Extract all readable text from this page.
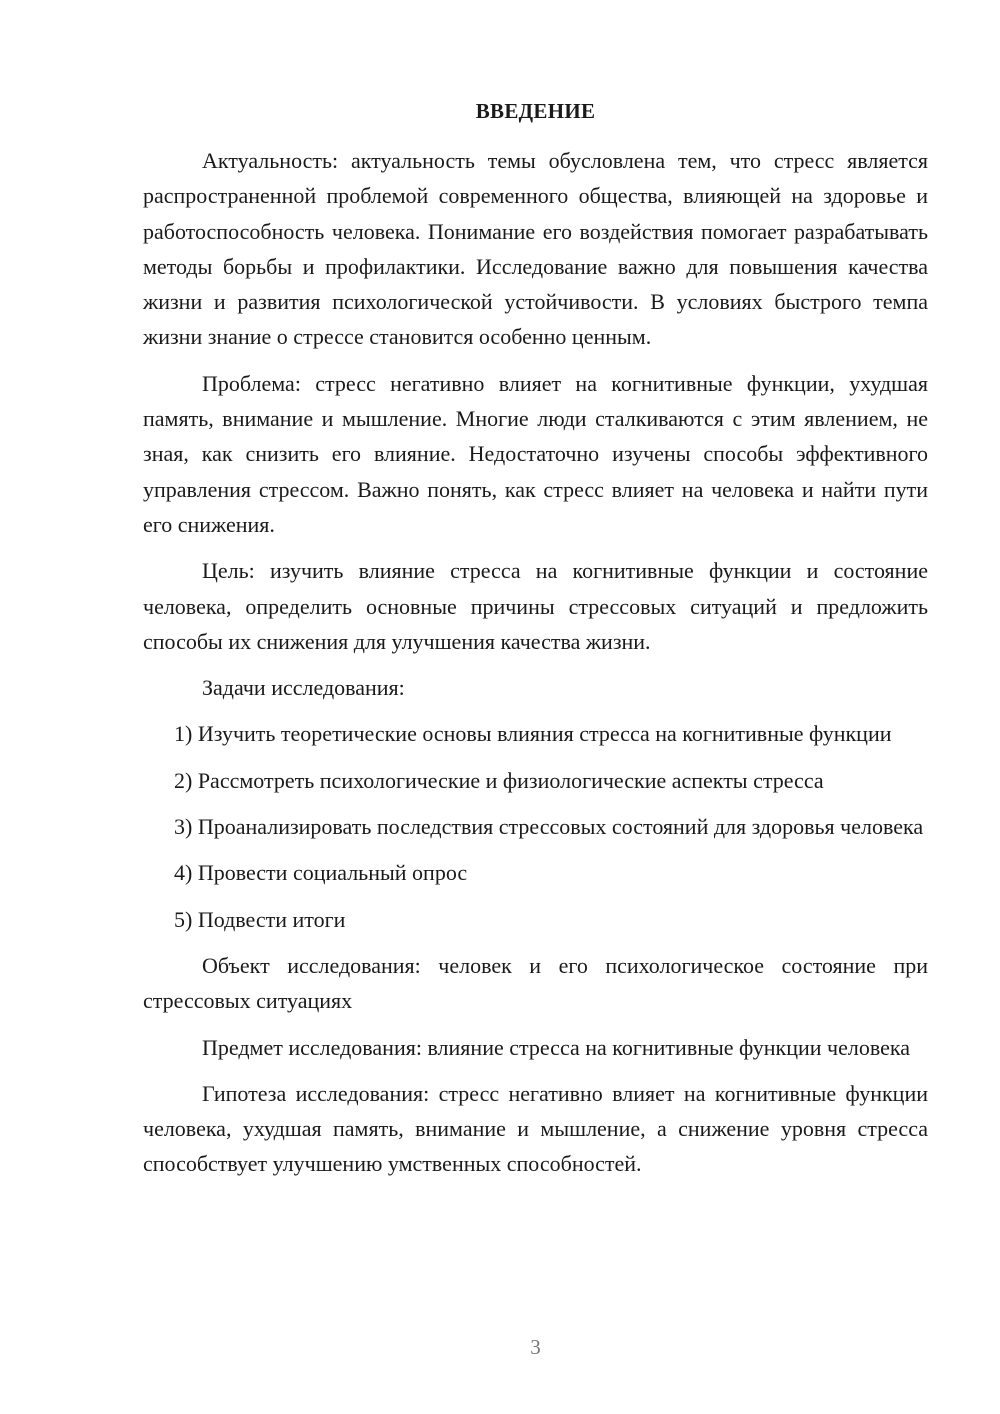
ВВЕДЕНИЕ

Актуальность: актуальность темы обусловлена тем, что стресс является распространенной проблемой современного общества, влияющей на здоровье и работоспособность человека. Понимание его воздействия помогает разрабатывать методы борьбы и профилактики. Исследование важно для повышения качества жизни и развития психологической устойчивости. В условиях быстрого темпа жизни знание о стрессе становится особенно ценным.

Проблема: стресс негативно влияет на когнитивные функции, ухудшая память, внимание и мышление. Многие люди сталкиваются с этим явлением, не зная, как снизить его влияние. Недостаточно изучены способы эффективного управления стрессом. Важно понять, как стресс влияет на человека и найти пути его снижения.

Цель: изучить влияние стресса на когнитивные функции и состояние человека, определить основные причины стрессовых ситуаций и предложить способы их снижения для улучшения качества жизни.

Задачи исследования:

1) Изучить теоретические основы влияния стресса на когнитивные функции

2) Рассмотреть психологические и физиологические аспекты стресса

3) Проанализировать последствия стрессовых состояний для здоровья человека

4) Провести социальный опрос

5) Подвести итоги

Объект исследования: человек и его психологическое состояние при стрессовых ситуациях

Предмет исследования: влияние стресса на когнитивные функции человека

Гипотеза исследования: стресс негативно влияет на когнитивные функции человека, ухудшая память, внимание и мышление, а снижение уровня стресса способствует улучшению умственных способностей.

3
